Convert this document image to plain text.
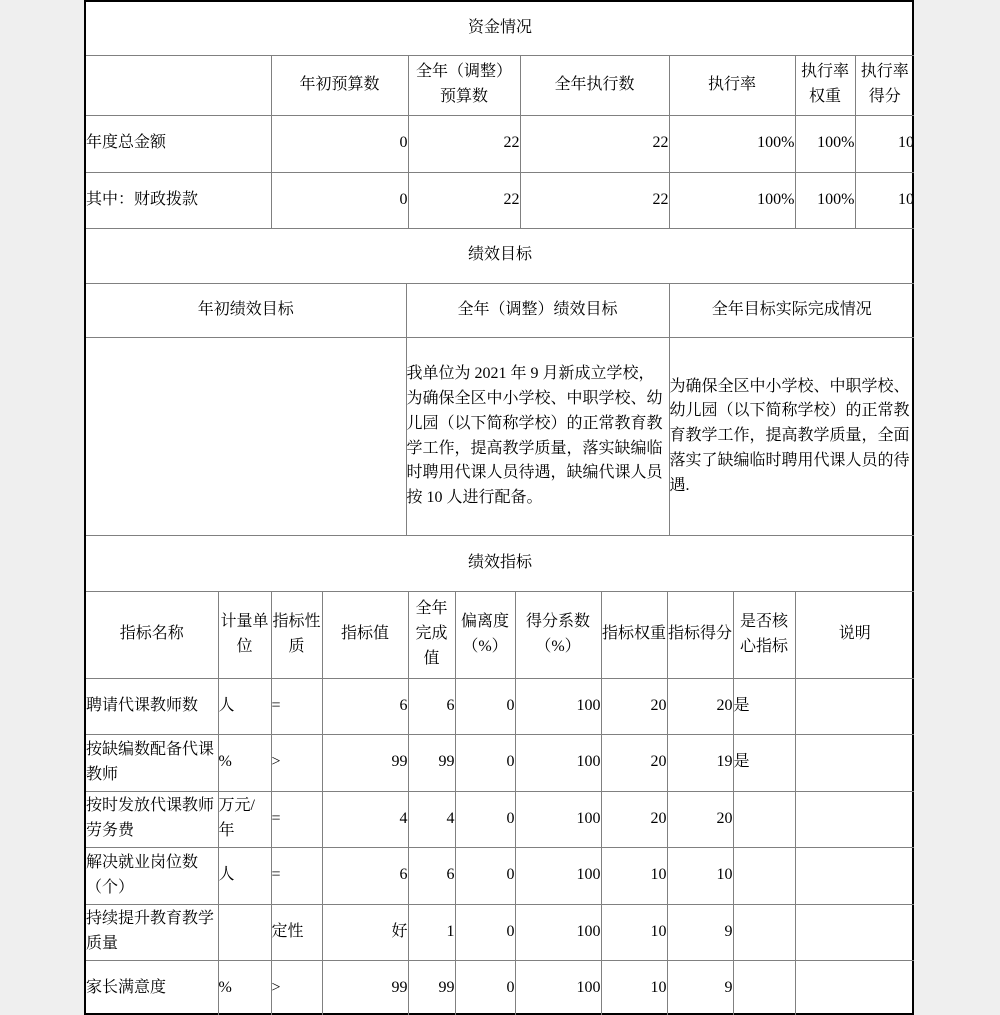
资金情况						
	年初预算数	全年（调整）预算数	全年执行数	执行率	执行率权重	执行率得分
年度总金额	0	22	22	100%	100%	10
其中：财政拨款	0	22	22	100%	100%	10
绩效目标		
年初绩效目标	全年（调整）绩效目标	全年目标实际完成情况
	我单位为 2021 年 9 月新成立学校，为确保全区中小学校、中职学校、幼儿园（以下简称学校）的正常教育教学工作，提高教学质量，落实缺编临时聘用代课人员待遇，缺编代课人员按 10 人进行配备。	为确保全区中小学校、中职学校、幼儿园（以下简称学校）的正常教育教学工作，提高教学质量，全面落实了缺编临时聘用代课人员的待遇.
绩效指标										
指标名称	计量单位	指标性质	指标值	全年完成值	偏离度（%）	得分系数（%）	指标权重	指标得分	是否核心指标	说明
聘请代课教师数	人	=	6	6	0	100	20	20	是	
按缺编数配备代课教师	%	>	99	99	0	100	20	19	是	
按时发放代课教师劳务费	万元/年	=	4	4	0	100	20	20		
解决就业岗位数（个）	人	=	6	6	0	100	10	10		
持续提升教育教学质量		定性	好	1	0	100	10	9		
家长满意度	%	>	99	99	0	100	10	9		
